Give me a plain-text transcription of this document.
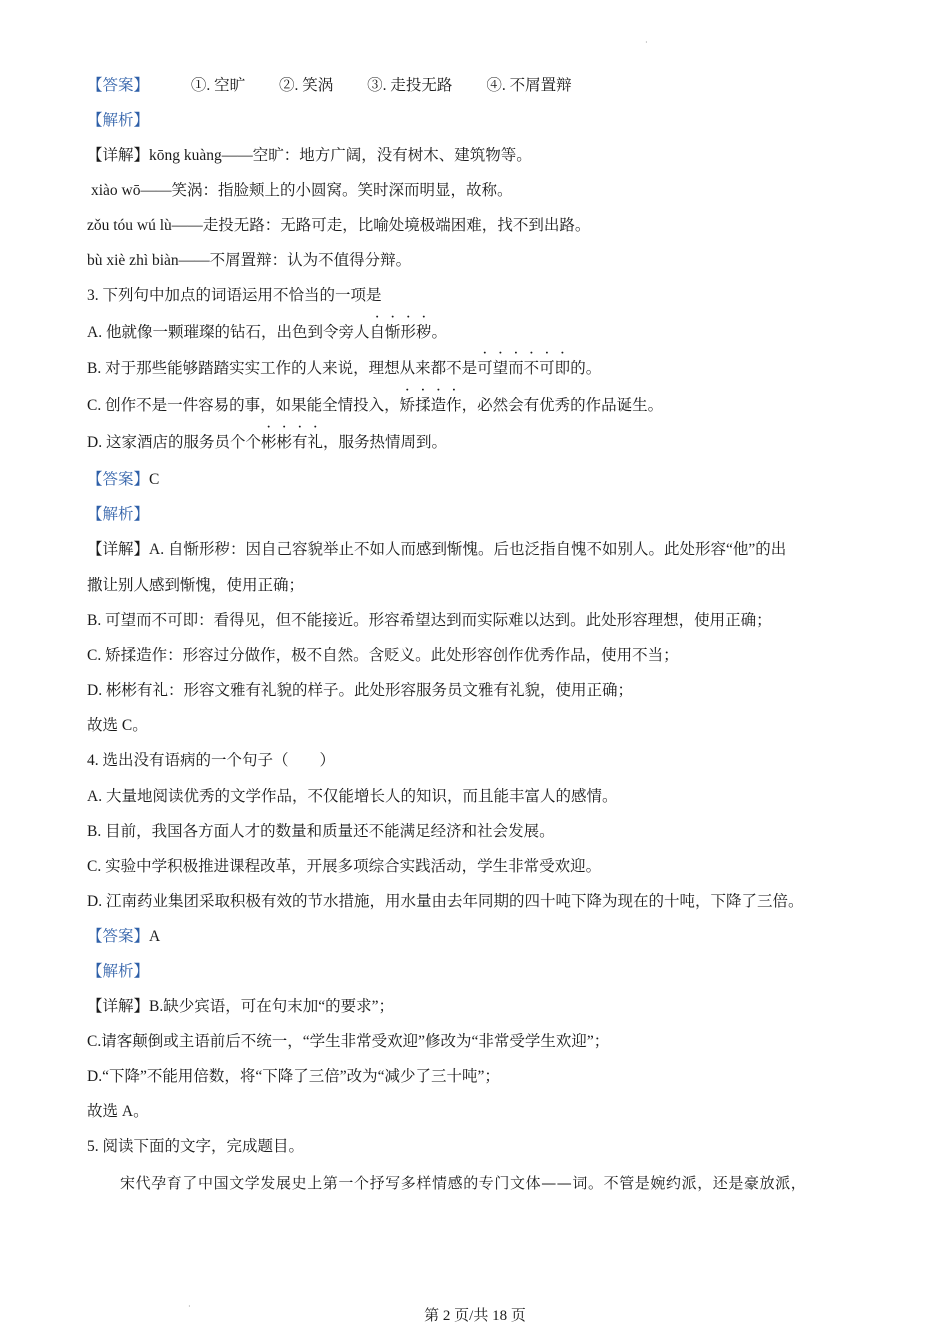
·
【答案】	①. 空旷 ②. 笑涡 ③. 走投无路 ④. 不屑置辩
【解析】
【详解】kōng kuàng——空旷：地方广阔，没有树木、建筑物等。
xiào wō——笑涡：指脸颊上的小圆窝。笑时深而明显，故称。
zǒu tóu wú lù——走投无路：无路可走，比喻处境极端困难，找不到出路。
bù xiè zhì biàn——不屑置辩：认为不值得分辩。
3. 下列句中加点的词语运用不恰当的一项是
A. 他就像一颗璀璨的钻石，出色到令旁人自惭形秽。
B. 对于那些能够踏踏实实工作的人来说，理想从来都不是可望而不可即的。
C. 创作不是一件容易的事，如果能全情投入，矫揉造作，必然会有优秀的作品诞生。
D. 这家酒店的服务员个个彬彬有礼，服务热情周到。
【答案】C
【解析】
【详解】A. 自惭形秽：因自己容貌举止不如人而感到惭愧。后也泛指自愧不如别人。此处形容“他”的出
撒让别人感到惭愧，使用正确；
B. 可望而不可即：看得见，但不能接近。形容希望达到而实际难以达到。此处形容理想，使用正确；
C. 矫揉造作：形容过分做作，极不自然。含贬义。此处形容创作优秀作品，使用不当；
D. 彬彬有礼：形容文雅有礼貌的样子。此处形容服务员文雅有礼貌，使用正确；
故选 C。
4. 选出没有语病的一个句子（　　）
A. 大量地阅读优秀的文学作品，不仅能增长人的知识，而且能丰富人的感情。
B. 目前，我国各方面人才的数量和质量还不能满足经济和社会发展。
C. 实验中学积极推进课程改革，开展多项综合实践活动，学生非常受欢迎。
D. 江南药业集团采取积极有效的节水措施，用水量由去年同期的四十吨下降为现在的十吨，下降了三倍。
【答案】A
【解析】
【详解】B.缺少宾语，可在句末加“的要求”；
C.请客颠倒或主语前后不统一，“学生非常受欢迎”修改为“非常受学生欢迎”；
D.“下降”不能用倍数，将“下降了三倍”改为“减少了三十吨”；
故选 A。
5. 阅读下面的文字，完成题目。
宋代孕育了中国文学发展史上第一个抒写多样情感的专门文体——词。不管是婉约派，还是豪放派，
·
第 2 页/共 18 页
